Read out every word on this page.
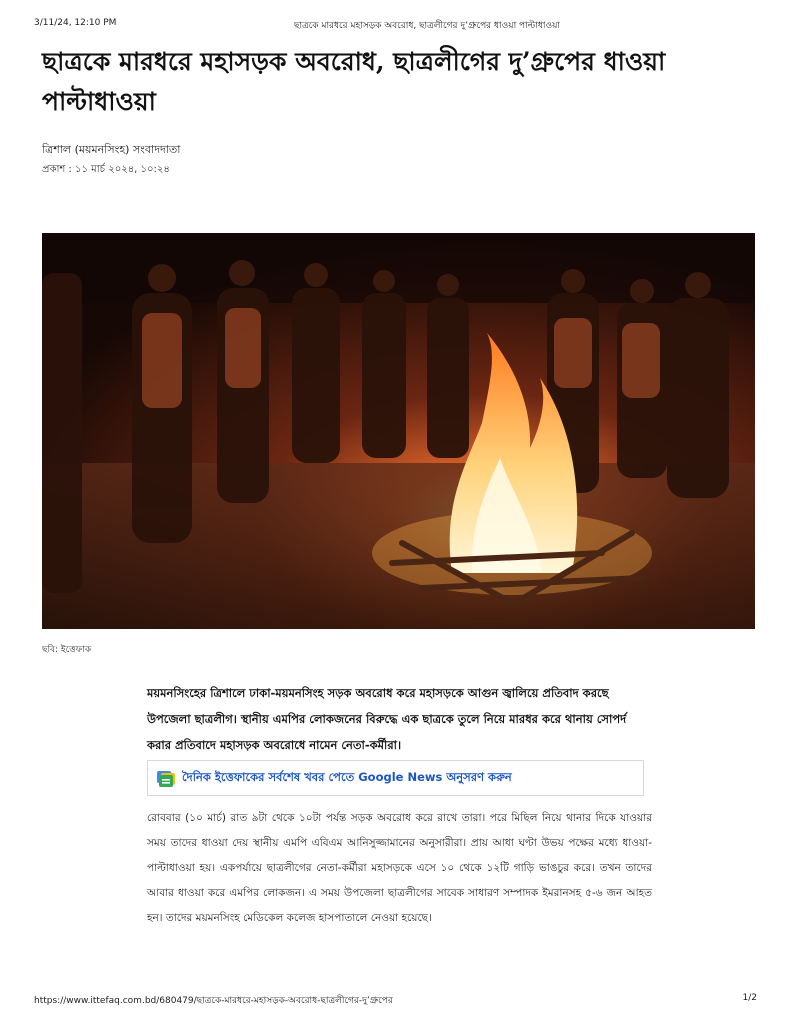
3/11/24, 12:10 PM	ছাত্রকে মারধরে মহাসড়ক অবরোধ, ছাত্রলীগের দু’গ্রুপের ধাওয়া পাল্টাধাওয়া
ছাত্রকে মারধরে মহাসড়ক অবরোধ, ছাত্রলীগের দু’গ্রুপের ধাওয়া পাল্টাধাওয়া
ত্রিশাল (ময়মনসিংহ) সংবাদদাতা
প্রকাশ : ১১ মার্চ ২০২৪, ১০:২৪
ছবি: ইত্তেফাক

ময়মনসিংহের ত্রিশালে ঢাকা-ময়মনসিংহ সড়ক অবরোধ করে মহাসড়কে আগুন জ্বালিয়ে প্রতিবাদ করছে উপজেলা ছাত্রলীগ। স্থানীয় এমপির লোকজনের বিরুদ্ধে এক ছাত্রকে তুলে নিয়ে মারধর করে থানায় সোপর্দ করার প্রতিবাদে মহাসড়ক অবরোধে নামেন নেতা-কর্মীরা।

দৈনিক ইত্তেফাকের সর্বশেষ খবর পেতে Google News অনুসরণ করুন

রোববার (১০ মার্চ) রাত ৯টা থেকে ১০টা পর্যন্ত সড়ক অবরোধ করে রাখে তারা। পরে মিছিল নিয়ে থানার দিকে যাওয়ার সময় তাদের ধাওয়া দেয় স্থানীয় এমপি এবিএম আনিসুজ্জামানের অনুসারীরা। প্রায় আধা ঘণ্টা উভয় পক্ষের মধ্যে ধাওয়া-পাল্টাধাওয়া হয়। একপর্যায়ে ছাত্রলীগের নেতা-কর্মীরা মহাসড়কে এসে ১০ থেকে ১২টি গাড়ি ভাঙচুর করে। তখন তাদের আবার ধাওয়া করে এমপির লোকজন। এ সময় উপজেলা ছাত্রলীগের সাবেক সাধারণ সম্পাদক ইমরানসহ ৫-৬ জন আহত হন। তাদের ময়মনসিংহ মেডিকেল কলেজ হাসপাতালে নেওয়া হয়েছে।

https://www.ittefaq.com.bd/680479/ছাত্রকে-মারধরে-মহাসড়ক-অবরোধ-ছাত্রলীগের-দু’গ্রুপের	1/2
